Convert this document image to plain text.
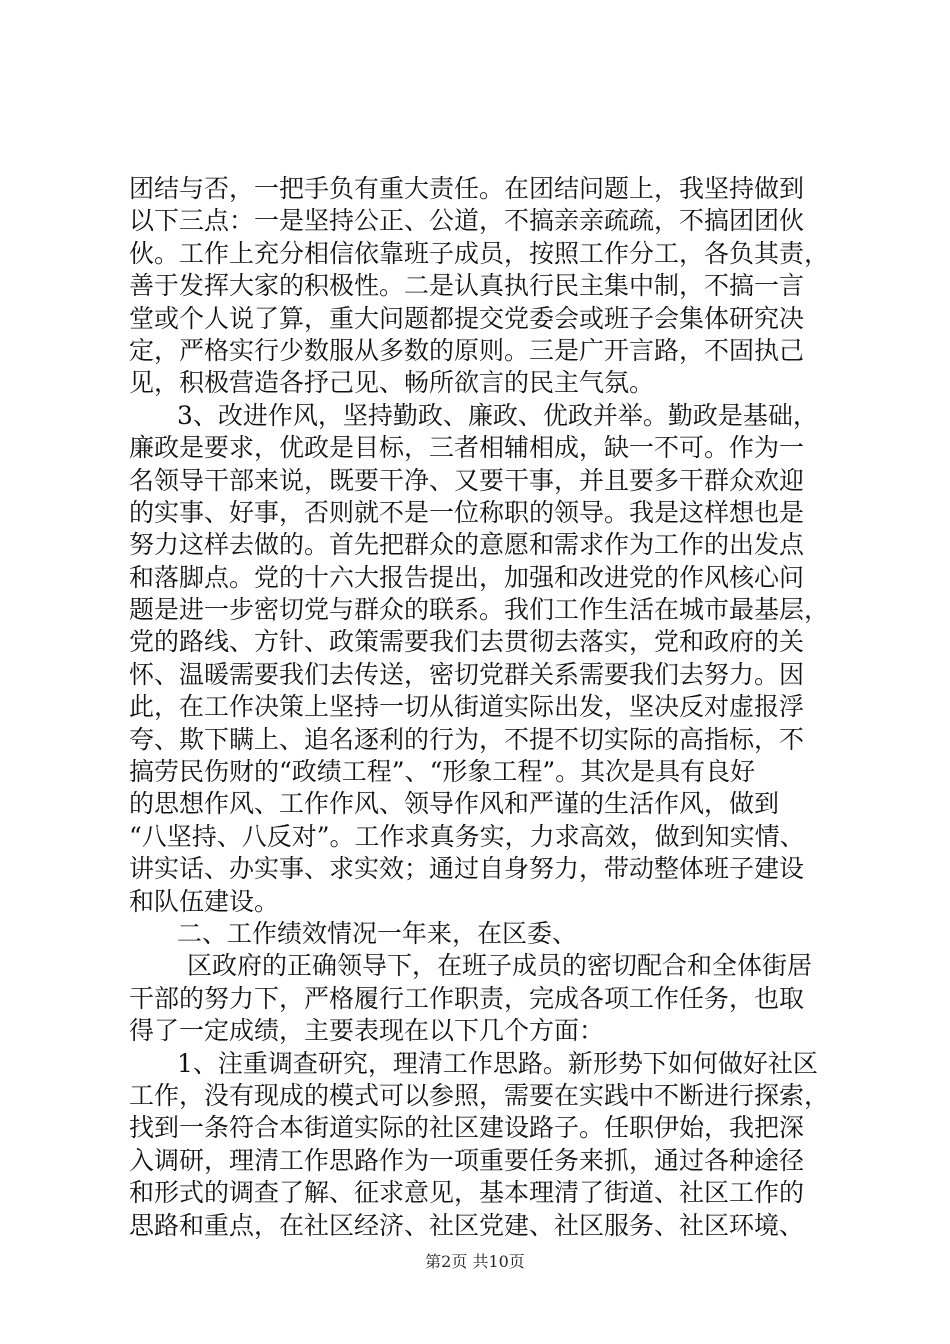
团结与否，一把手负有重大责任。在团结问题上，我坚持做到
以下三点：一是坚持公正、公道，不搞亲亲疏疏，不搞团团伙
伙。工作上充分相信依靠班子成员，按照工作分工，各负其责，
善于发挥大家的积极性。二是认真执行民主集中制，不搞一言
堂或个人说了算，重大问题都提交党委会或班子会集体研究决
定，严格实行少数服从多数的原则。三是广开言路，不固执己
见，积极营造各抒己见、畅所欲言的民主气氛。
3、改进作风，坚持勤政、廉政、优政并举。勤政是基础，
廉政是要求，优政是目标，三者相辅相成，缺一不可。作为一
名领导干部来说，既要干净、又要干事，并且要多干群众欢迎
的实事、好事，否则就不是一位称职的领导。我是这样想也是
努力这样去做的。首先把群众的意愿和需求作为工作的出发点
和落脚点。党的十六大报告提出，加强和改进党的作风核心问
题是进一步密切党与群众的联系。我们工作生活在城市最基层，
党的路线、方针、政策需要我们去贯彻去落实，党和政府的关
怀、温暖需要我们去传送，密切党群关系需要我们去努力。因
此，在工作决策上坚持一切从街道实际出发，坚决反对虚报浮
夸、欺下瞒上、追名逐利的行为，不提不切实际的高指标，不
搞劳民伤财的“政绩工程”、“形象工程”。其次是具有良好
的思想作风、工作作风、领导作风和严谨的生活作风，做到
“八坚持、八反对”。工作求真务实，力求高效，做到知实情、
讲实话、办实事、求实效；通过自身努力，带动整体班子建设
和队伍建设。
二、工作绩效情况一年来，在区委、
区政府的正确领导下，在班子成员的密切配合和全体街居
干部的努力下，严格履行工作职责，完成各项工作任务，也取
得了一定成绩，主要表现在以下几个方面：
1、注重调查研究，理清工作思路。新形势下如何做好社区
工作，没有现成的模式可以参照，需要在实践中不断进行探索，
找到一条符合本街道实际的社区建设路子。任职伊始，我把深
入调研，理清工作思路作为一项重要任务来抓，通过各种途径
和形式的调查了解、征求意见，基本理清了街道、社区工作的
思路和重点，在社区经济、社区党建、社区服务、社区环境、
第2页 共10页
